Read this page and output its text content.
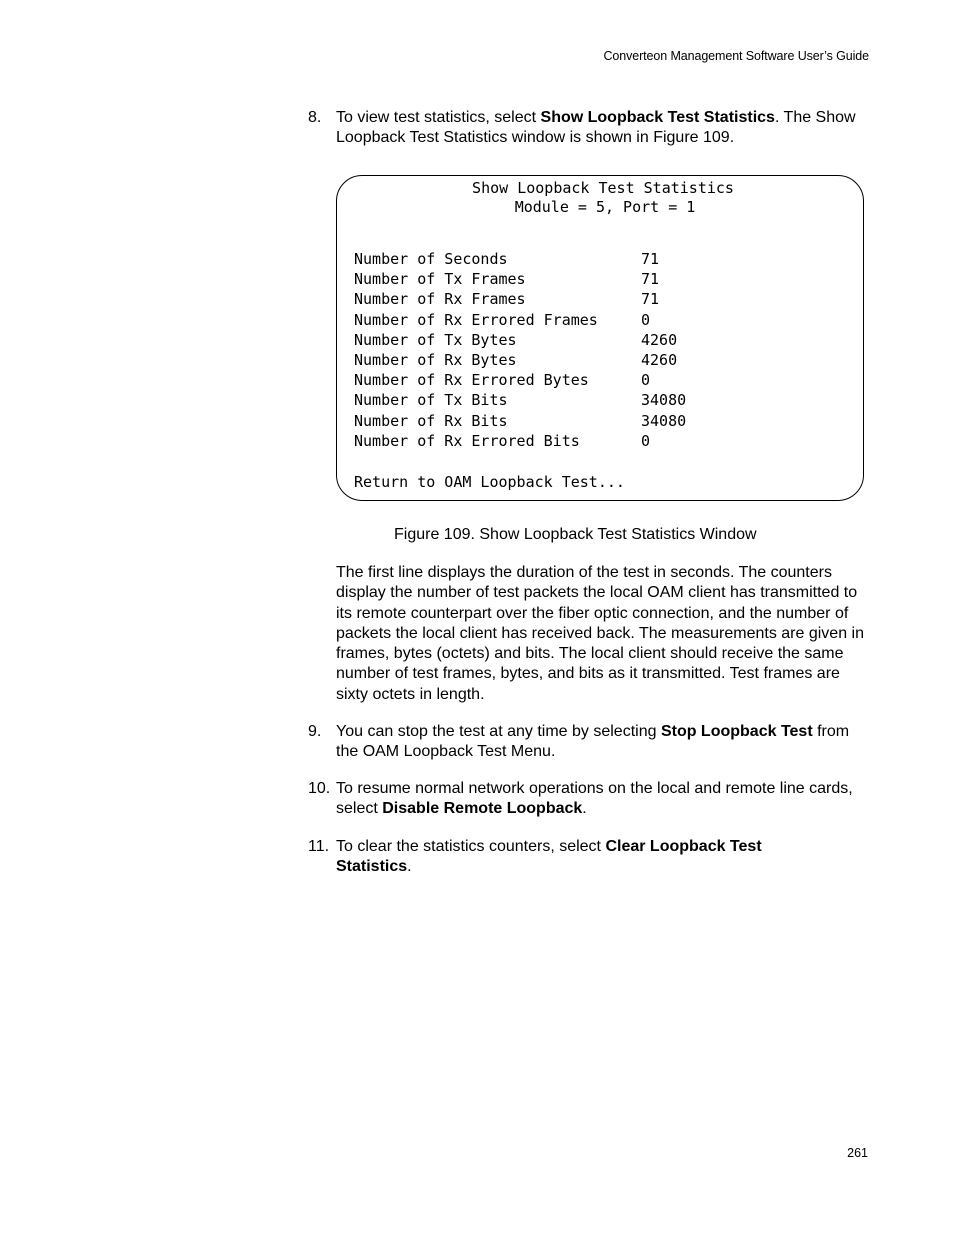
Converteon Management Software User’s Guide
8. To view test statistics, select Show Loopback Test Statistics. The Show Loopback Test Statistics window is shown in Figure 109.
Show Loopback Test Statistics
Module = 5, Port = 1
Number of Seconds	71
Number of Tx Frames	71
Number of Rx Frames	71
Number of Rx Errored Frames	0
Number of Tx Bytes	4260
Number of Rx Bytes	4260
Number of Rx Errored Bytes	0
Number of Tx Bits	34080
Number of Rx Bits	34080
Number of Rx Errored Bits	0
Return to OAM Loopback Test...
Figure 109. Show Loopback Test Statistics Window
The first line displays the duration of the test in seconds. The counters display the number of test packets the local OAM client has transmitted to its remote counterpart over the fiber optic connection, and the number of packets the local client has received back. The measurements are given in frames, bytes (octets) and bits. The local client should receive the same number of test frames, bytes, and bits as it transmitted. Test frames are sixty octets in length.
9. You can stop the test at any time by selecting Stop Loopback Test from the OAM Loopback Test Menu.
10. To resume normal network operations on the local and remote line cards, select Disable Remote Loopback.
11. To clear the statistics counters, select Clear Loopback Test Statistics.
261
